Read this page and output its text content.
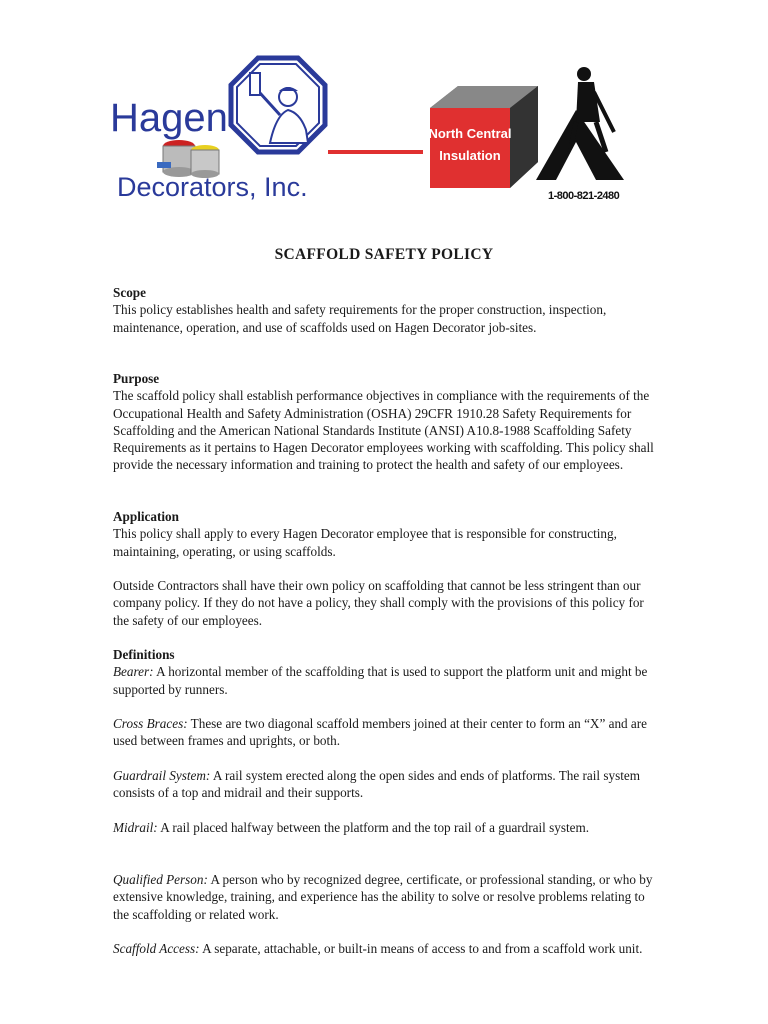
Hagen
Decorators, Inc.
North Central
Insulation
1-800-821-2480
SCAFFOLD SAFETY POLICY

Scope

This policy establishes health and safety requirements for the proper construction, inspection, maintenance, operation, and use of scaffolds used on Hagen Decorator job-sites.

Purpose

The scaffold policy shall establish performance objectives in compliance with the requirements of the Occupational Health and Safety Administration (OSHA) 29CFR 1910.28 Safety Requirements for Scaffolding and the American National Standards Institute (ANSI) A10.8-1988 Scaffolding Safety Requirements as it pertains to Hagen Decorator employees working with scaffolding. This policy shall provide the necessary information and training to protect the health and safety of our employees.

Application

This policy shall apply to every Hagen Decorator employee that is responsible for constructing, maintaining, operating, or using scaffolds.

Outside Contractors shall have their own policy on scaffolding that cannot be less stringent than our company policy. If they do not have a policy, they shall comply with the provisions of this policy for the safety of our employees.

Definitions

Bearer: A horizontal member of the scaffolding that is used to support the platform unit and might be supported by runners.

Cross Braces: These are two diagonal scaffold members joined at their center to form an “X” and are used between frames and uprights, or both.

Guardrail System: A rail system erected along the open sides and ends of platforms. The rail system consists of a top and midrail and their supports.

Midrail: A rail placed halfway between the platform and the top rail of a guardrail system.

Qualified Person: A person who by recognized degree, certificate, or professional standing, or who by extensive knowledge, training, and experience has the ability to solve or resolve problems relating to the scaffolding or related work.

Scaffold Access: A separate, attachable, or built-in means of access to and from a scaffold work unit.
